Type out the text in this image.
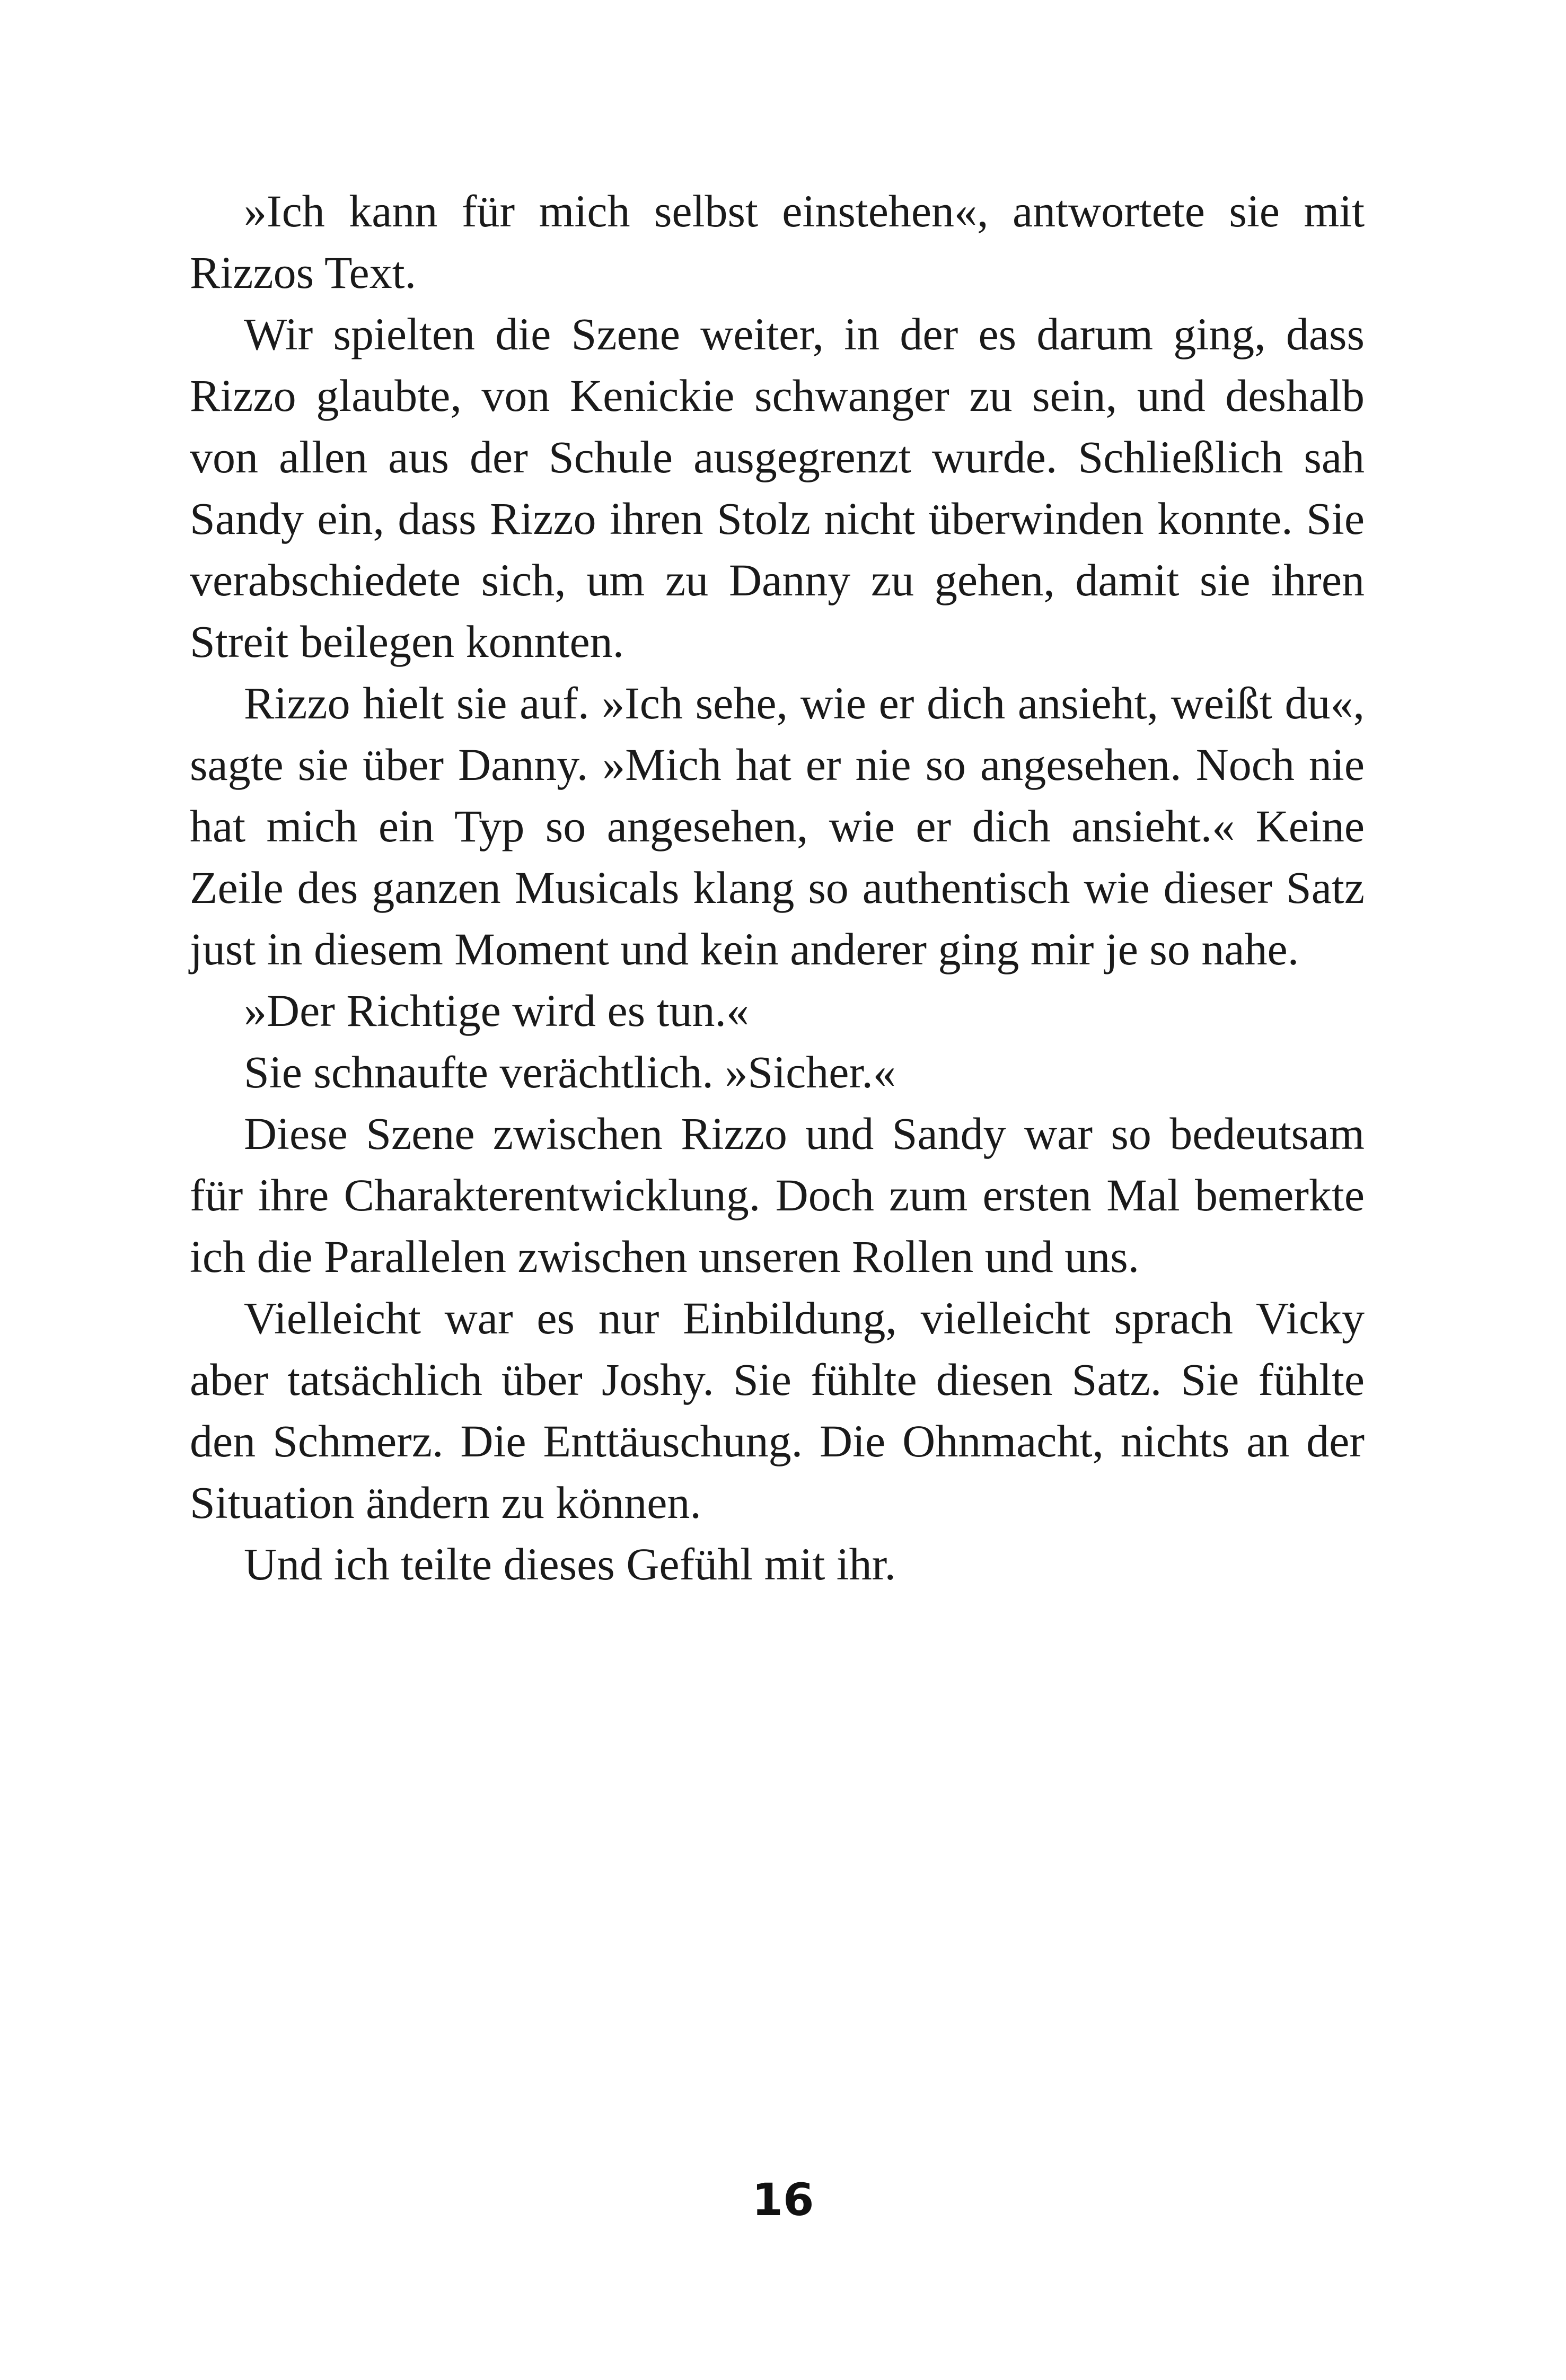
»Ich kann für mich selbst einstehen«, antwortete sie mit Rizzos Text.

Wir spielten die Szene weiter, in der es darum ging, dass Rizzo glaubte, von Kenickie schwanger zu sein, und deshalb von allen aus der Schule ausgegrenzt wurde. Schließlich sah Sandy ein, dass Rizzo ihren Stolz nicht überwinden konnte. Sie verabschiedete sich, um zu Danny zu gehen, damit sie ihren Streit beilegen konnten.

Rizzo hielt sie auf. »Ich sehe, wie er dich ansieht, weißt du«, sagte sie über Danny. »Mich hat er nie so angesehen. Noch nie hat mich ein Typ so angesehen, wie er dich ansieht.« Keine Zeile des ganzen Musicals klang so authentisch wie dieser Satz just in diesem Moment und kein anderer ging mir je so nahe.

»Der Richtige wird es tun.«

Sie schnaufte verächtlich. »Sicher.«

Diese Szene zwischen Rizzo und Sandy war so bedeutsam für ihre Charakterentwicklung. Doch zum ersten Mal bemerkte ich die Parallelen zwischen unseren Rollen und uns.

Vielleicht war es nur Einbildung, vielleicht sprach Vicky aber tatsächlich über Joshy. Sie fühlte diesen Satz. Sie fühlte den Schmerz. Die Enttäuschung. Die Ohnmacht, nichts an der Situation ändern zu können.

Und ich teilte dieses Gefühl mit ihr.

16
